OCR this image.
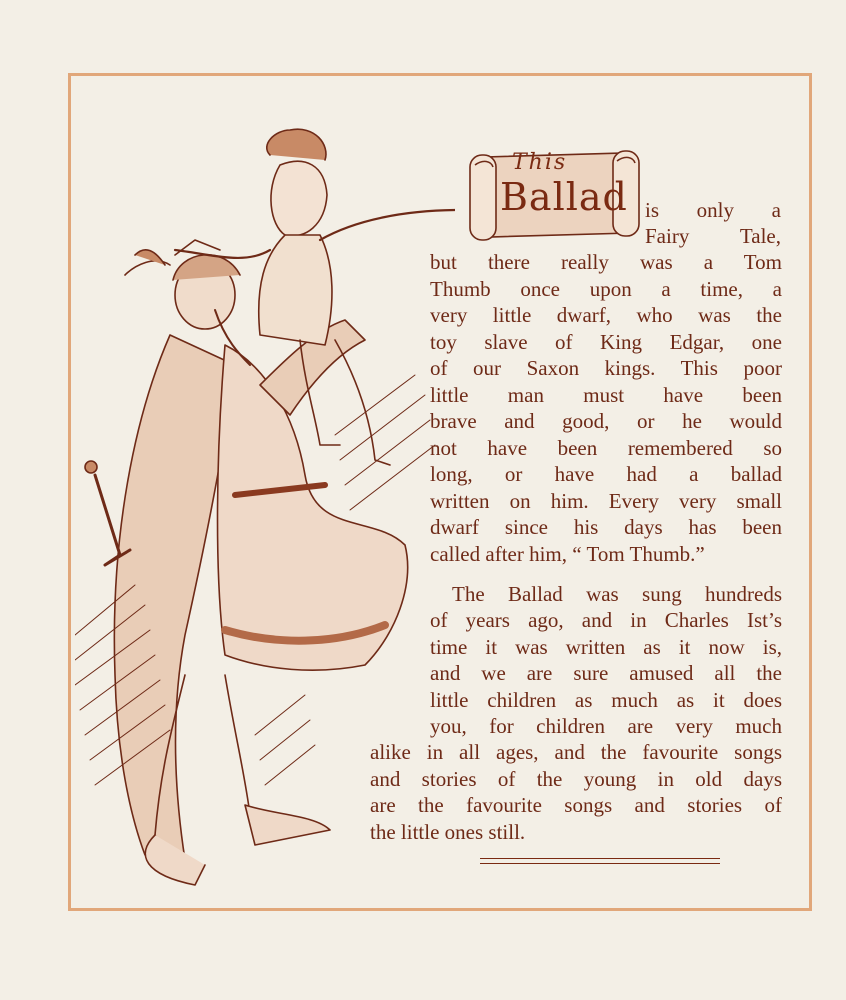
This
Ballad is only a
Fairy Tale,
but there really was a Tom
Thumb once upon a time, a
very little dwarf, who was the
toy slave of King Edgar, one
of our Saxon kings. This poor
little man must have been
brave and good, or he would
not have been remembered so
long, or have had a ballad
written on him. Every very small
dwarf since his days has been
called after him, “ Tom Thumb.”
The Ballad was sung hundreds
of years ago, and in Charles Ist’s
time it was written as it now is,
and we are sure amused all the
little children as much as it does
you, for children are very much
alike in all ages, and the favourite songs
and stories of the young in old days
are the favourite songs and stories of
the little ones still.
